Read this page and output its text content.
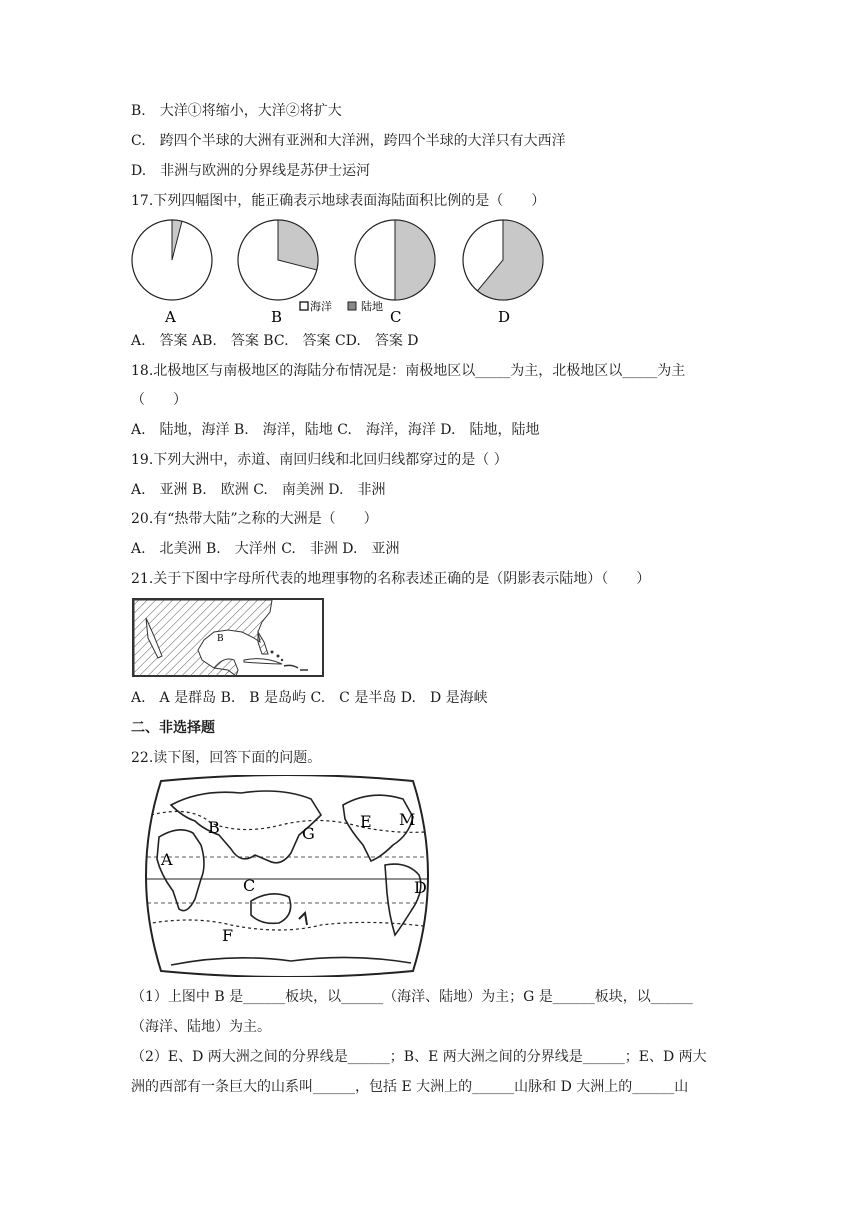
B.　大洋①将缩小，大洋②将扩大
C.　跨四个半球的大洲有亚洲和大洋洲，跨四个半球的大洋只有大西洋
D.　非洲与欧洲的分界线是苏伊士运河
17.下列四幅图中，能正确表示地球表面海陆面积比例的是（　　）
A	B	C	D
海洋	陆地
A.　答案 AB.　答案 BC.　答案 CD.　答案 D
18.北极地区与南极地区的海陆分布情况是：南极地区以_____为主，北极地区以_____为主
（　　）
A.　陆地，海洋 B.　海洋，陆地 C.　海洋，海洋 D.　陆地，陆地
19.下列大洲中，赤道、南回归线和北回归线都穿过的是（ ）
A.　亚洲 B.　欧洲 C.　南美洲 D.　非洲
20.有“热带大陆”之称的大洲是（　　）
A.　北美洲 B.　大洋州 C.　非洲 D.　亚洲
21.关于下图中字母所代表的地理事物的名称表述正确的是（阴影表示陆地）（　　）
B
A.　A 是群岛 B.　B 是岛屿 C.　C 是半岛 D.　D 是海峡
二、非选择题
22.读下图，回答下面的问题。
B
A
G
E M
C	D
F
（1）上图中 B 是______板块，以______（海洋、陆地）为主；G 是______板块，以______
（海洋、陆地）为主。
（2）E、D 两大洲之间的分界线是______；B、E 两大洲之间的分界线是______；E、D 两大
洲的西部有一条巨大的山系叫______，包括 E 大洲上的______山脉和 D 大洲上的______山
